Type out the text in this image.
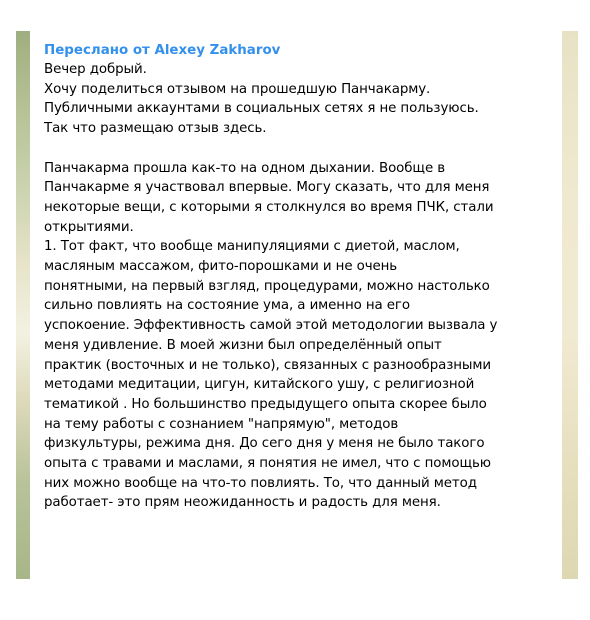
Переслано от Alexey Zakharov
Вечер добрый.
Хочу поделиться отзывом на прошедшую Панчакарму.
Публичными аккаунтами в социальных сетях я не пользуюсь.
Так что размещаю отзыв здесь.

Панчакарма прошла как-то на одном дыхании. Вообще в
Панчакарме я участвовал впервые. Могу сказать, что для меня
некоторые вещи, с которыми я столкнулся во время ПЧК, стали
открытиями.
1. Тот факт, что вообще манипуляциями с диетой, маслом,
масляным массажом, фито-порошками и не очень
понятными, на первый взгляд, процедурами, можно настолько
сильно повлиять на состояние ума, а именно на его
успокоение. Эффективность самой этой методологии вызвала у
меня удивление. В моей жизни был определённый опыт
практик (восточных и не только), связанных с разнообразными
методами медитации, цигун, китайского ушу, с религиозной
тематикой . Но большинство предыдущего опыта скорее было
на тему работы с сознанием "напрямую", методов
физкультуры, режима дня. До сего дня у меня не было такого
опыта с травами и маслами, я понятия не имел, что с помощью
них можно вообще на что-то повлиять. То, что данный метод
работает- это прям неожиданность и радость для меня.
